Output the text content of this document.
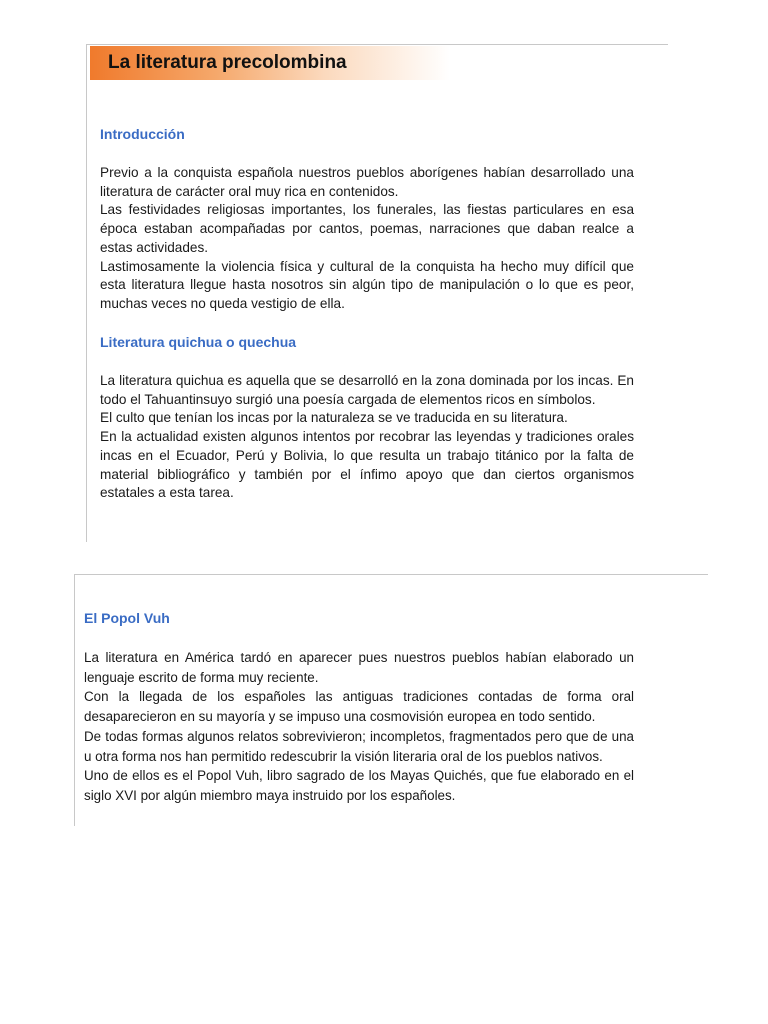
La literatura precolombina
Introducción

Previo a la conquista española nuestros pueblos aborígenes habían desarrollado una literatura de carácter oral muy rica en contenidos.

Las festividades religiosas importantes, los funerales, las fiestas particulares en esa época estaban acompañadas por cantos, poemas, narraciones que daban realce a estas actividades.

Lastimosamente la violencia física y cultural de la conquista ha hecho muy difícil que esta literatura llegue hasta nosotros sin algún tipo de manipulación o lo que es peor, muchas veces no queda vestigio de ella.

Literatura quichua o quechua

La literatura quichua es aquella que se desarrolló en la zona dominada por los incas. En todo el Tahuantinsuyo surgió una poesía cargada de elementos ricos en símbolos.

El culto que tenían los incas por la naturaleza se ve traducida en su literatura.

En la actualidad existen algunos intentos por recobrar las leyendas y tradiciones orales incas en el Ecuador, Perú y Bolivia, lo que resulta un trabajo titánico por la falta de material bibliográfico y también por el ínfimo apoyo que dan ciertos organismos estatales a esta tarea.

El Popol Vuh

La literatura en América tardó en aparecer pues nuestros pueblos habían elaborado un lenguaje escrito de forma muy reciente.

Con la llegada de los españoles las antiguas tradiciones contadas de forma oral desaparecieron en su mayoría y se impuso una cosmovisión europea en todo sentido.

De todas formas algunos relatos sobrevivieron; incompletos, fragmentados pero que de una u otra forma nos han permitido redescubrir la visión literaria oral de los pueblos nativos.

Uno de ellos es el Popol Vuh, libro sagrado de los Mayas Quichés, que fue elaborado en el siglo XVI por algún miembro maya instruido por los españoles.
